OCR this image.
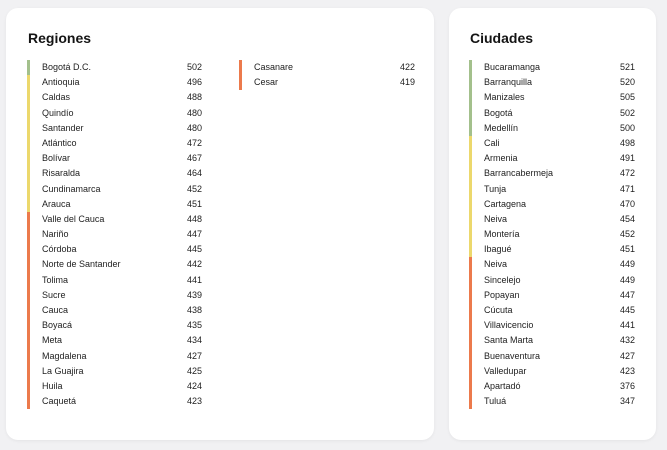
Regiones
Bogotá D.C.	502
Antioquia	496
Caldas	488
Quindío	480
Santander	480
Atlántico	472
Bolívar	467
Risaralda	464
Cundinamarca	452
Arauca	451
Valle del Cauca	448
Nariño	447
Córdoba	445
Norte de Santander	442
Tolima	441
Sucre	439
Cauca	438
Boyacá	435
Meta	434
Magdalena	427
La Guajira	425
Huila	424
Caquetá	423
Casanare	422
Cesar	419
Ciudades
Bucaramanga	521
Barranquilla	520
Manizales	505
Bogotá	502
Medellín	500
Cali	498
Armenia	491
Barrancabermeja	472
Tunja	471
Cartagena	470
Neiva	454
Montería	452
Ibagué	451
Neiva	449
Sincelejo	449
Popayan	447
Cúcuta	445
Villavicencio	441
Santa Marta	432
Buenaventura	427
Valledupar	423
Apartadó	376
Tuluá	347
